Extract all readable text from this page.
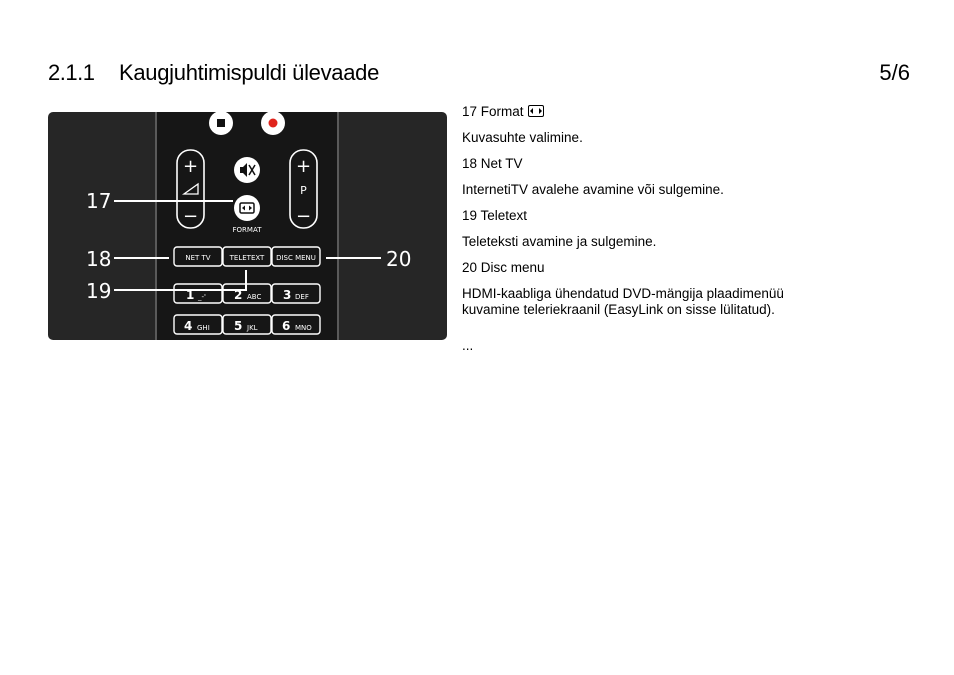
2.1.1 Kaugjuhtimispuldi ülevaade	5/6
+
−
+
P
−
FORMAT
NET TV	TELETEXT DISC MENU
1 _-' 2 ABC 3 DEF
4 GHI 5 JKL 6 MNO
17
18
19
20

17 Format

Kuvasuhte valimine.

18 Net TV

InternetiTV avalehe avamine või sulgemine.

19 Teletext

Teleteksti avamine ja sulgemine.

20 Disc menu

HDMI-kaabliga ühendatud DVD-mängija plaadimenüü kuvamine teleriekraanil (EasyLink on sisse lülitatud).

...
